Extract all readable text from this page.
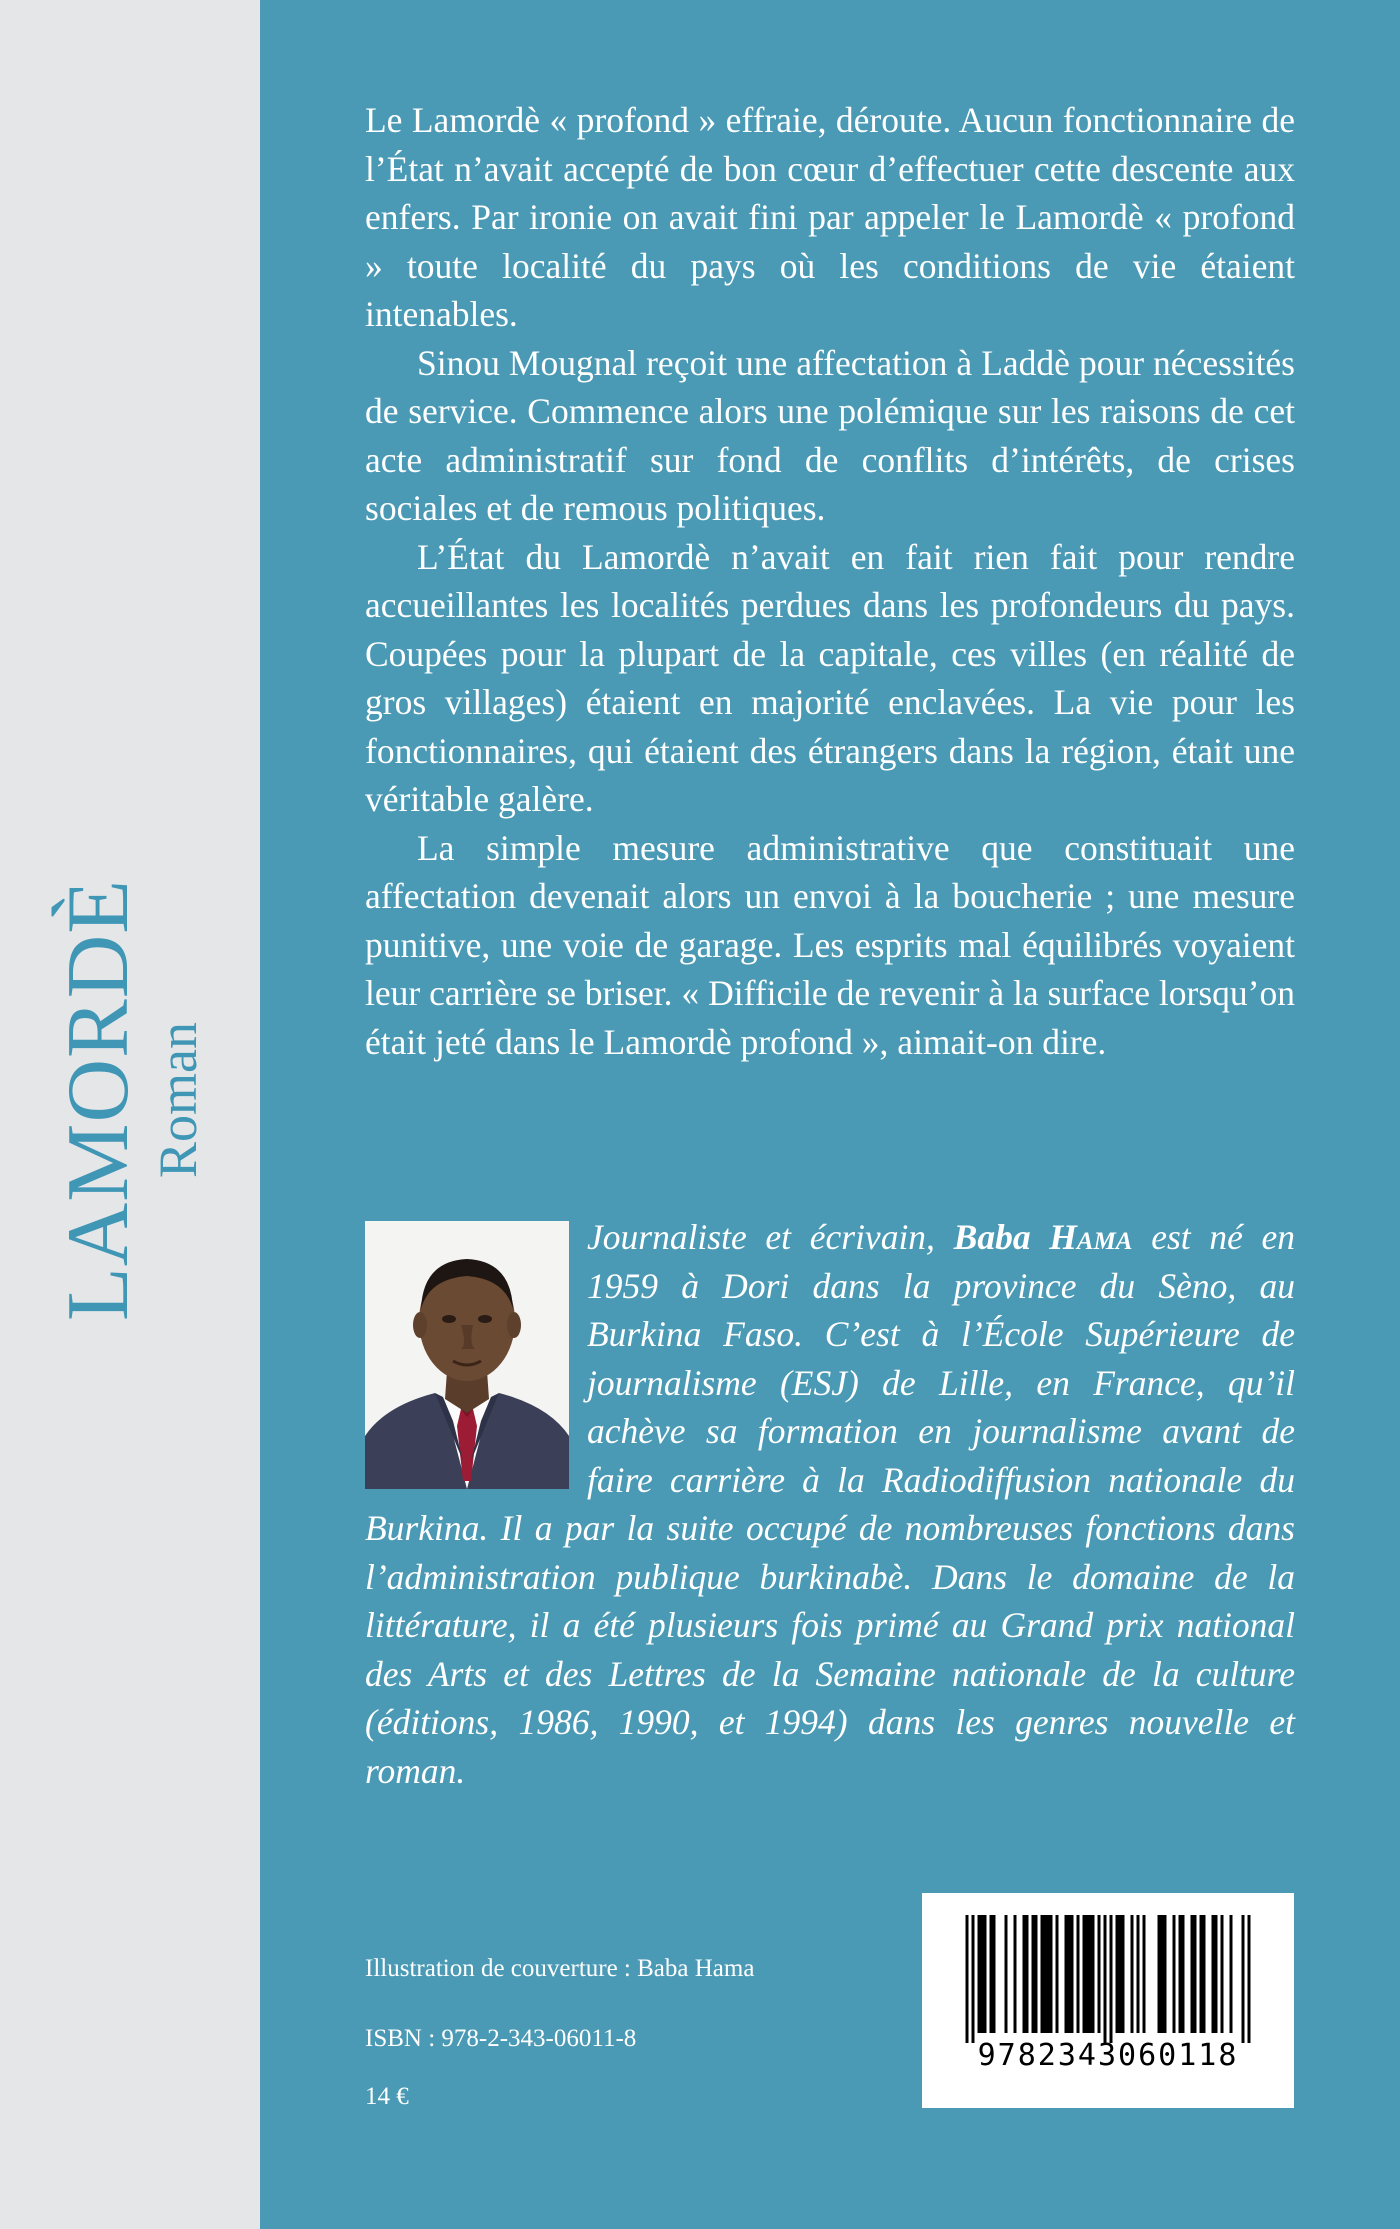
LAMORDÈ Roman

Le Lamordè « profond » effraie, déroute. Aucun fonctionnaire de l’État n’avait accepté de bon cœur d’effectuer cette descente aux enfers. Par ironie on avait fini par appeler le Lamordè « profond » toute localité du pays où les conditions de vie étaient intenables.

Sinou Mougnal reçoit une affectation à Laddè pour nécessités de service. Commence alors une polémique sur les raisons de cet acte administratif sur fond de conflits d’intérêts, de crises sociales et de remous politiques.

L’État du Lamordè n’avait en fait rien fait pour rendre accueillantes les localités perdues dans les profondeurs du pays. Coupées pour la plupart de la capitale, ces villes (en réalité de gros villages) étaient en majorité enclavées. La vie pour les fonctionnaires, qui étaient des étrangers dans la région, était une véritable galère.

La simple mesure administrative que constituait une affectation devenait alors un envoi à la boucherie ; une mesure punitive, une voie de garage. Les esprits mal équilibrés voyaient leur carrière se briser. « Difficile de revenir à la surface lorsqu’on était jeté dans le Lamordè profond », aimait-on dire.

Journaliste et écrivain, Baba Hama est né en 1959 à Dori dans la province du Sèno, au Burkina Faso. C’est à l’École Supérieure de journalisme (ESJ) de Lille, en France, qu’il achève sa formation en journalisme avant de faire carrière à la Radiodiffusion nationale du Burkina. Il a par la suite occupé de nombreuses fonctions dans l’administration publique burkinabè. Dans le domaine de la littérature, il a été plusieurs fois primé au Grand prix national des Arts et des Lettres de la Semaine nationale de la culture (éditions, 1986, 1990, et 1994) dans les genres nouvelle et roman.
Illustration de couverture : Baba Hama
ISBN : 978-2-343-06011-8
14 €
9782343060118
